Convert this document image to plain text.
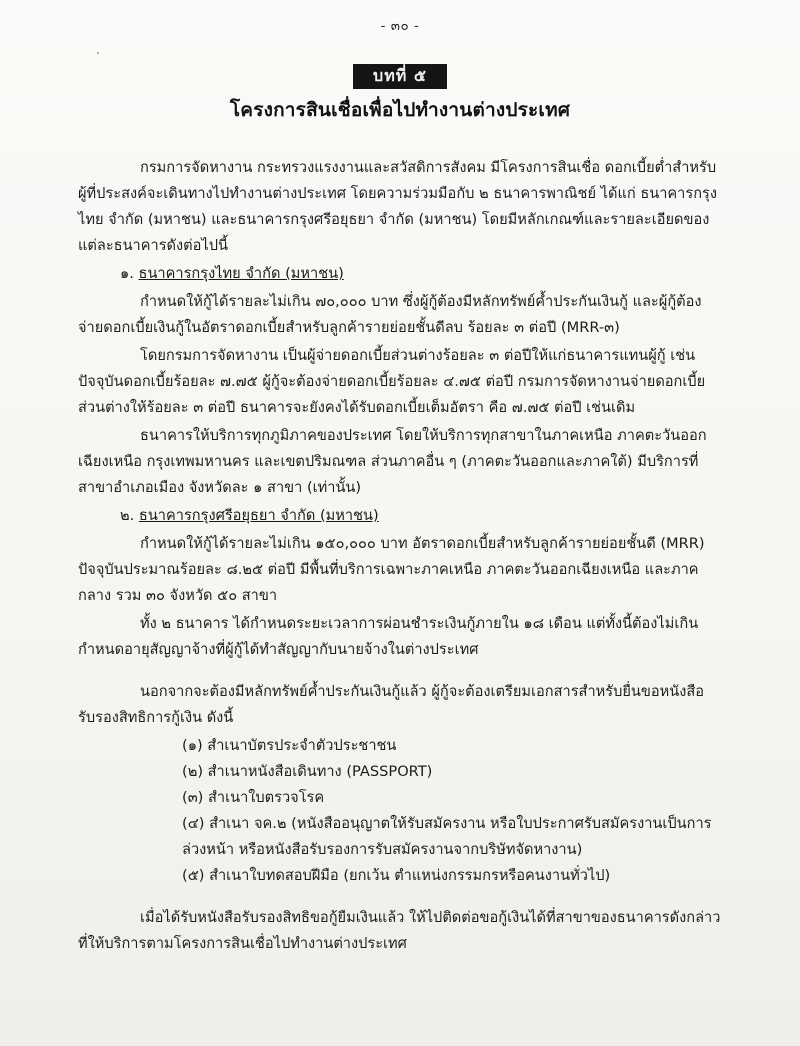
- ๓๐ -
บทที่ ๕
โครงการสินเชื่อเพื่อไปทำงานต่างประเทศ

กรมการจัดหางาน กระทรวงแรงงานและสวัสดิการสังคม มีโครงการสินเชื่อ ดอกเบี้ยต่ำสำหรับผู้ที่ประสงค์จะเดินทางไปทำงานต่างประเทศ โดยความร่วมมือกับ ๒ ธนาคารพาณิชย์ ได้แก่ ธนาคารกรุงไทย จำกัด (มหาชน) และธนาคารกรุงศรีอยุธยา จำกัด (มหาชน) โดยมีหลักเกณฑ์และรายละเอียดของแต่ละธนาคารดังต่อไปนี้

๑. ธนาคารกรุงไทย จำกัด (มหาชน)

กำหนดให้กู้ได้รายละไม่เกิน ๗๐,๐๐๐ บาท ซึ่งผู้กู้ต้องมีหลักทรัพย์ค้ำประกันเงินกู้ และผู้กู้ต้องจ่ายดอกเบี้ยเงินกู้ในอัตราดอกเบี้ยสำหรับลูกค้ารายย่อยชั้นดีลบ ร้อยละ ๓ ต่อปี (MRR-๓)

โดยกรมการจัดหางาน เป็นผู้จ่ายดอกเบี้ยส่วนต่างร้อยละ ๓ ต่อปีให้แก่ธนาคารแทนผู้กู้ เช่น ปัจจุบันดอกเบี้ยร้อยละ ๗.๗๕ ผู้กู้จะต้องจ่ายดอกเบี้ยร้อยละ ๔.๗๕ ต่อปี กรมการจัดหางานจ่ายดอกเบี้ยส่วนต่างให้ร้อยละ ๓ ต่อปี ธนาคารจะยังคงได้รับดอกเบี้ยเต็มอัตรา คือ ๗.๗๕ ต่อปี เช่นเดิม

ธนาคารให้บริการทุกภูมิภาคของประเทศ โดยให้บริการทุกสาขาในภาคเหนือ ภาคตะวันออกเฉียงเหนือ กรุงเทพมหานคร และเขตปริมณฑล ส่วนภาคอื่น ๆ (ภาคตะวันออกและภาคใต้) มีบริการที่สาขาอำเภอเมือง จังหวัดละ ๑ สาขา (เท่านั้น)

๒. ธนาคารกรุงศรีอยุธยา จำกัด (มหาชน)

กำหนดให้กู้ได้รายละไม่เกิน ๑๕๐,๐๐๐ บาท อัตราดอกเบี้ยสำหรับลูกค้ารายย่อยชั้นดี (MRR) ปัจจุบันประมาณร้อยละ ๘.๒๕ ต่อปี มีพื้นที่บริการเฉพาะภาคเหนือ ภาคตะวันออกเฉียงเหนือ และภาคกลาง รวม ๓๐ จังหวัด ๕๐ สาขา

ทั้ง ๒ ธนาคาร ได้กำหนดระยะเวลาการผ่อนชำระเงินกู้ภายใน ๑๘ เดือน แต่ทั้งนี้ต้องไม่เกินกำหนดอายุสัญญาจ้างที่ผู้กู้ได้ทำสัญญากับนายจ้างในต่างประเทศ

นอกจากจะต้องมีหลักทรัพย์ค้ำประกันเงินกู้แล้ว ผู้กู้จะต้องเตรียมเอกสารสำหรับยื่นขอหนังสือรับรองสิทธิการกู้เงิน ดังนี้

(๑) สำเนาบัตรประจำตัวประชาชน

(๒) สำเนาหนังสือเดินทาง (PASSPORT)

(๓) สำเนาใบตรวจโรค

(๔) สำเนา จค.๒ (หนังสืออนุญาตให้รับสมัครงาน หรือใบประกาศรับสมัครงานเป็นการล่วงหน้า หรือหนังสือรับรองการรับสมัครงานจากบริษัทจัดหางาน)

(๕) สำเนาใบทดสอบฝีมือ (ยกเว้น ตำแหน่งกรรมกรหรือคนงานทั่วไป)

เมื่อได้รับหนังสือรับรองสิทธิขอกู้ยืมเงินแล้ว ให้ไปติดต่อขอกู้เงินได้ที่สาขาของธนาคารดังกล่าวที่ให้บริการตามโครงการสินเชื่อไปทำงานต่างประเทศ
